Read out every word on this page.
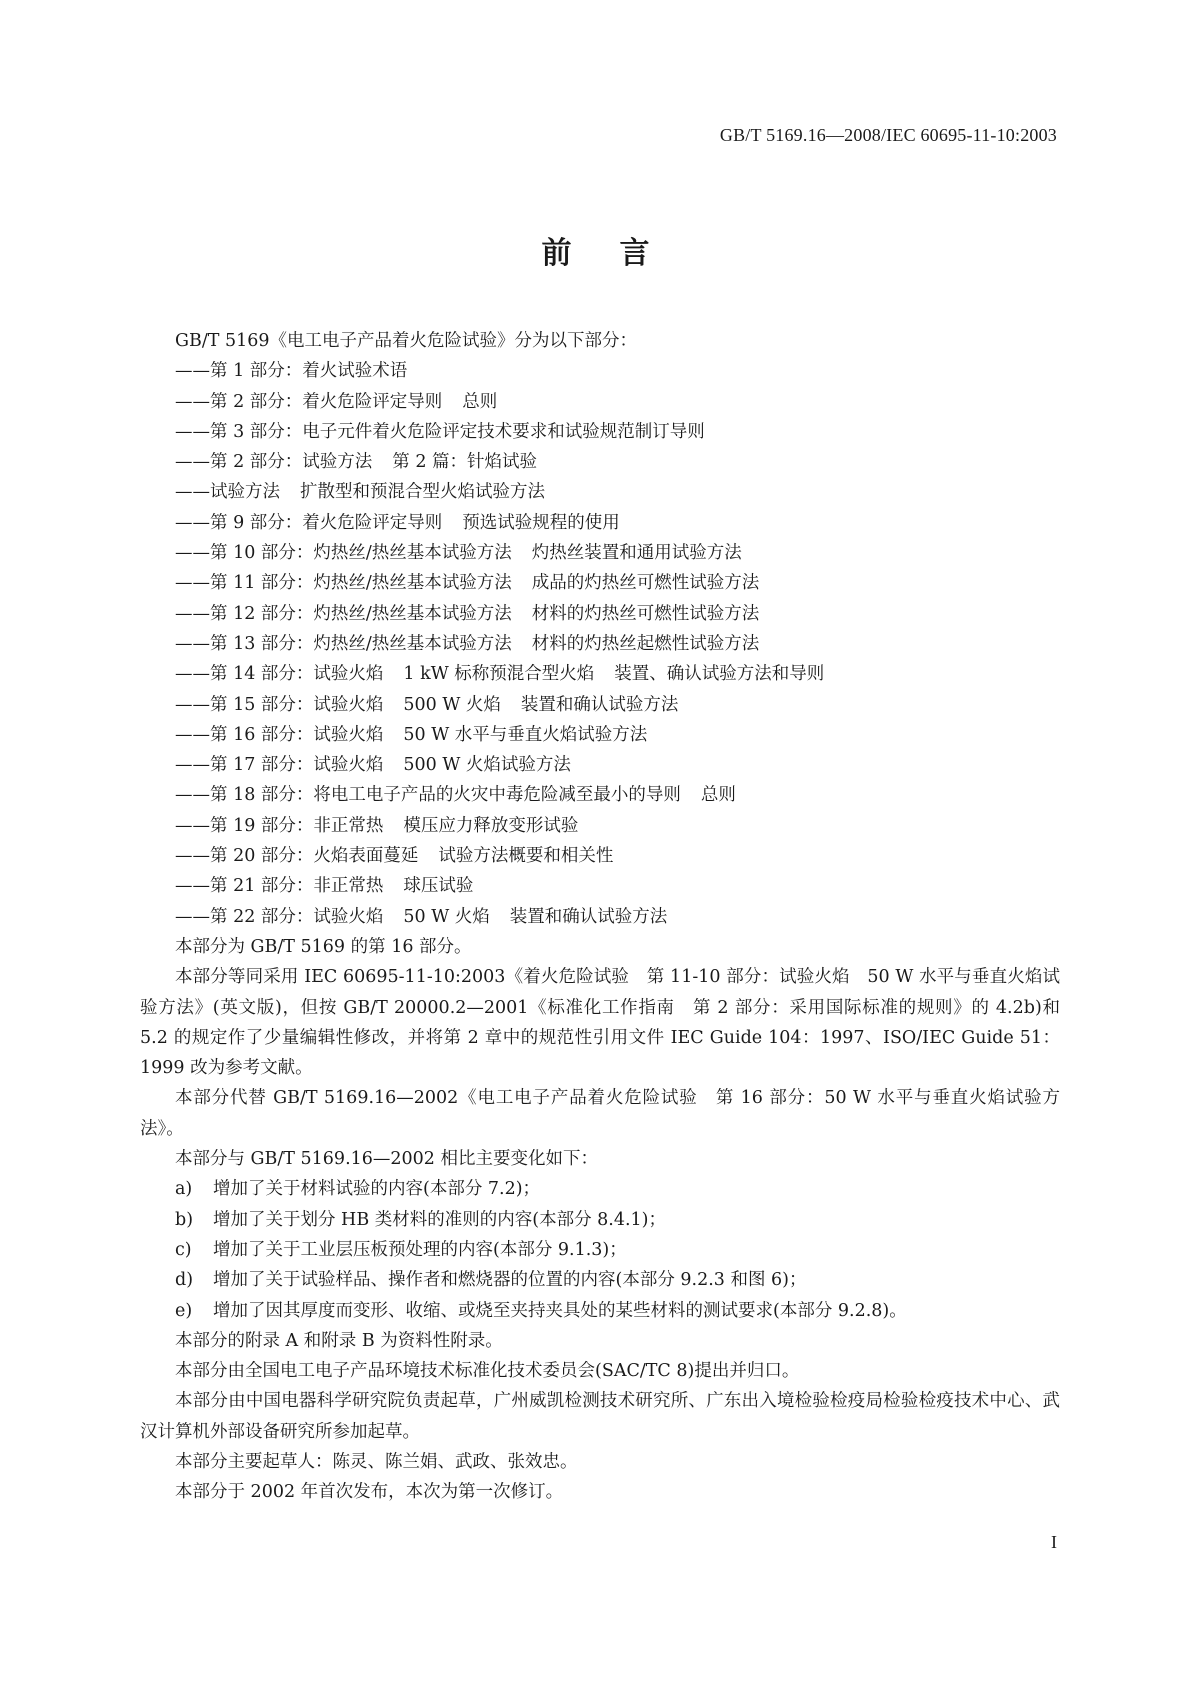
GB/T 5169.16—2008/IEC 60695-11-10:2003
前言

GB/T 5169《电工电子产品着火危险试验》分为以下部分：

——第 1 部分：着火试验术语
——第 2 部分：着火危险评定导则 总则
——第 3 部分：电子元件着火危险评定技术要求和试验规范制订导则
——第 2 部分：试验方法 第 2 篇：针焰试验
——试验方法 扩散型和预混合型火焰试验方法
——第 9 部分：着火危险评定导则 预选试验规程的使用
——第 10 部分：灼热丝/热丝基本试验方法 灼热丝装置和通用试验方法
——第 11 部分：灼热丝/热丝基本试验方法 成品的灼热丝可燃性试验方法
——第 12 部分：灼热丝/热丝基本试验方法 材料的灼热丝可燃性试验方法
——第 13 部分：灼热丝/热丝基本试验方法 材料的灼热丝起燃性试验方法
——第 14 部分：试验火焰 1 kW 标称预混合型火焰 装置、确认试验方法和导则
——第 15 部分：试验火焰 500 W 火焰 装置和确认试验方法
——第 16 部分：试验火焰 50 W 水平与垂直火焰试验方法
——第 17 部分：试验火焰 500 W 火焰试验方法
——第 18 部分：将电工电子产品的火灾中毒危险减至最小的导则 总则
——第 19 部分：非正常热 模压应力释放变形试验
——第 20 部分：火焰表面蔓延 试验方法概要和相关性
——第 21 部分：非正常热 球压试验
——第 22 部分：试验火焰 50 W 火焰 装置和确认试验方法

本部分为 GB/T 5169 的第 16 部分。

本部分等同采用 IEC 60695-11-10:2003《着火危险试验　第 11-10 部分：试验火焰　50 W 水平与垂直火焰试验方法》(英文版)，但按 GB/T 20000.2—2001《标准化工作指南　第 2 部分：采用国际标准的规则》的 4.2b)和 5.2 的规定作了少量编辑性修改，并将第 2 章中的规范性引用文件 IEC Guide 104：1997、ISO/IEC Guide 51：1999 改为参考文献。

本部分代替 GB/T 5169.16—2002《电工电子产品着火危险试验　第 16 部分：50 W 水平与垂直火焰试验方法》。

本部分与 GB/T 5169.16—2002 相比主要变化如下：

a) 增加了关于材料试验的内容(本部分 7.2)；
b) 增加了关于划分 HB 类材料的准则的内容(本部分 8.4.1)；
c) 增加了关于工业层压板预处理的内容(本部分 9.1.3)；
d) 增加了关于试验样品、操作者和燃烧器的位置的内容(本部分 9.2.3 和图 6)；
e) 增加了因其厚度而变形、收缩、或烧至夹持夹具处的某些材料的测试要求(本部分 9.2.8)。

本部分的附录 A 和附录 B 为资料性附录。

本部分由全国电工电子产品环境技术标准化技术委员会(SAC/TC 8)提出并归口。

本部分由中国电器科学研究院负责起草，广州威凯检测技术研究所、广东出入境检验检疫局检验检疫技术中心、武汉计算机外部设备研究所参加起草。

本部分主要起草人：陈灵、陈兰娟、武政、张效忠。

本部分于 2002 年首次发布，本次为第一次修订。

I
